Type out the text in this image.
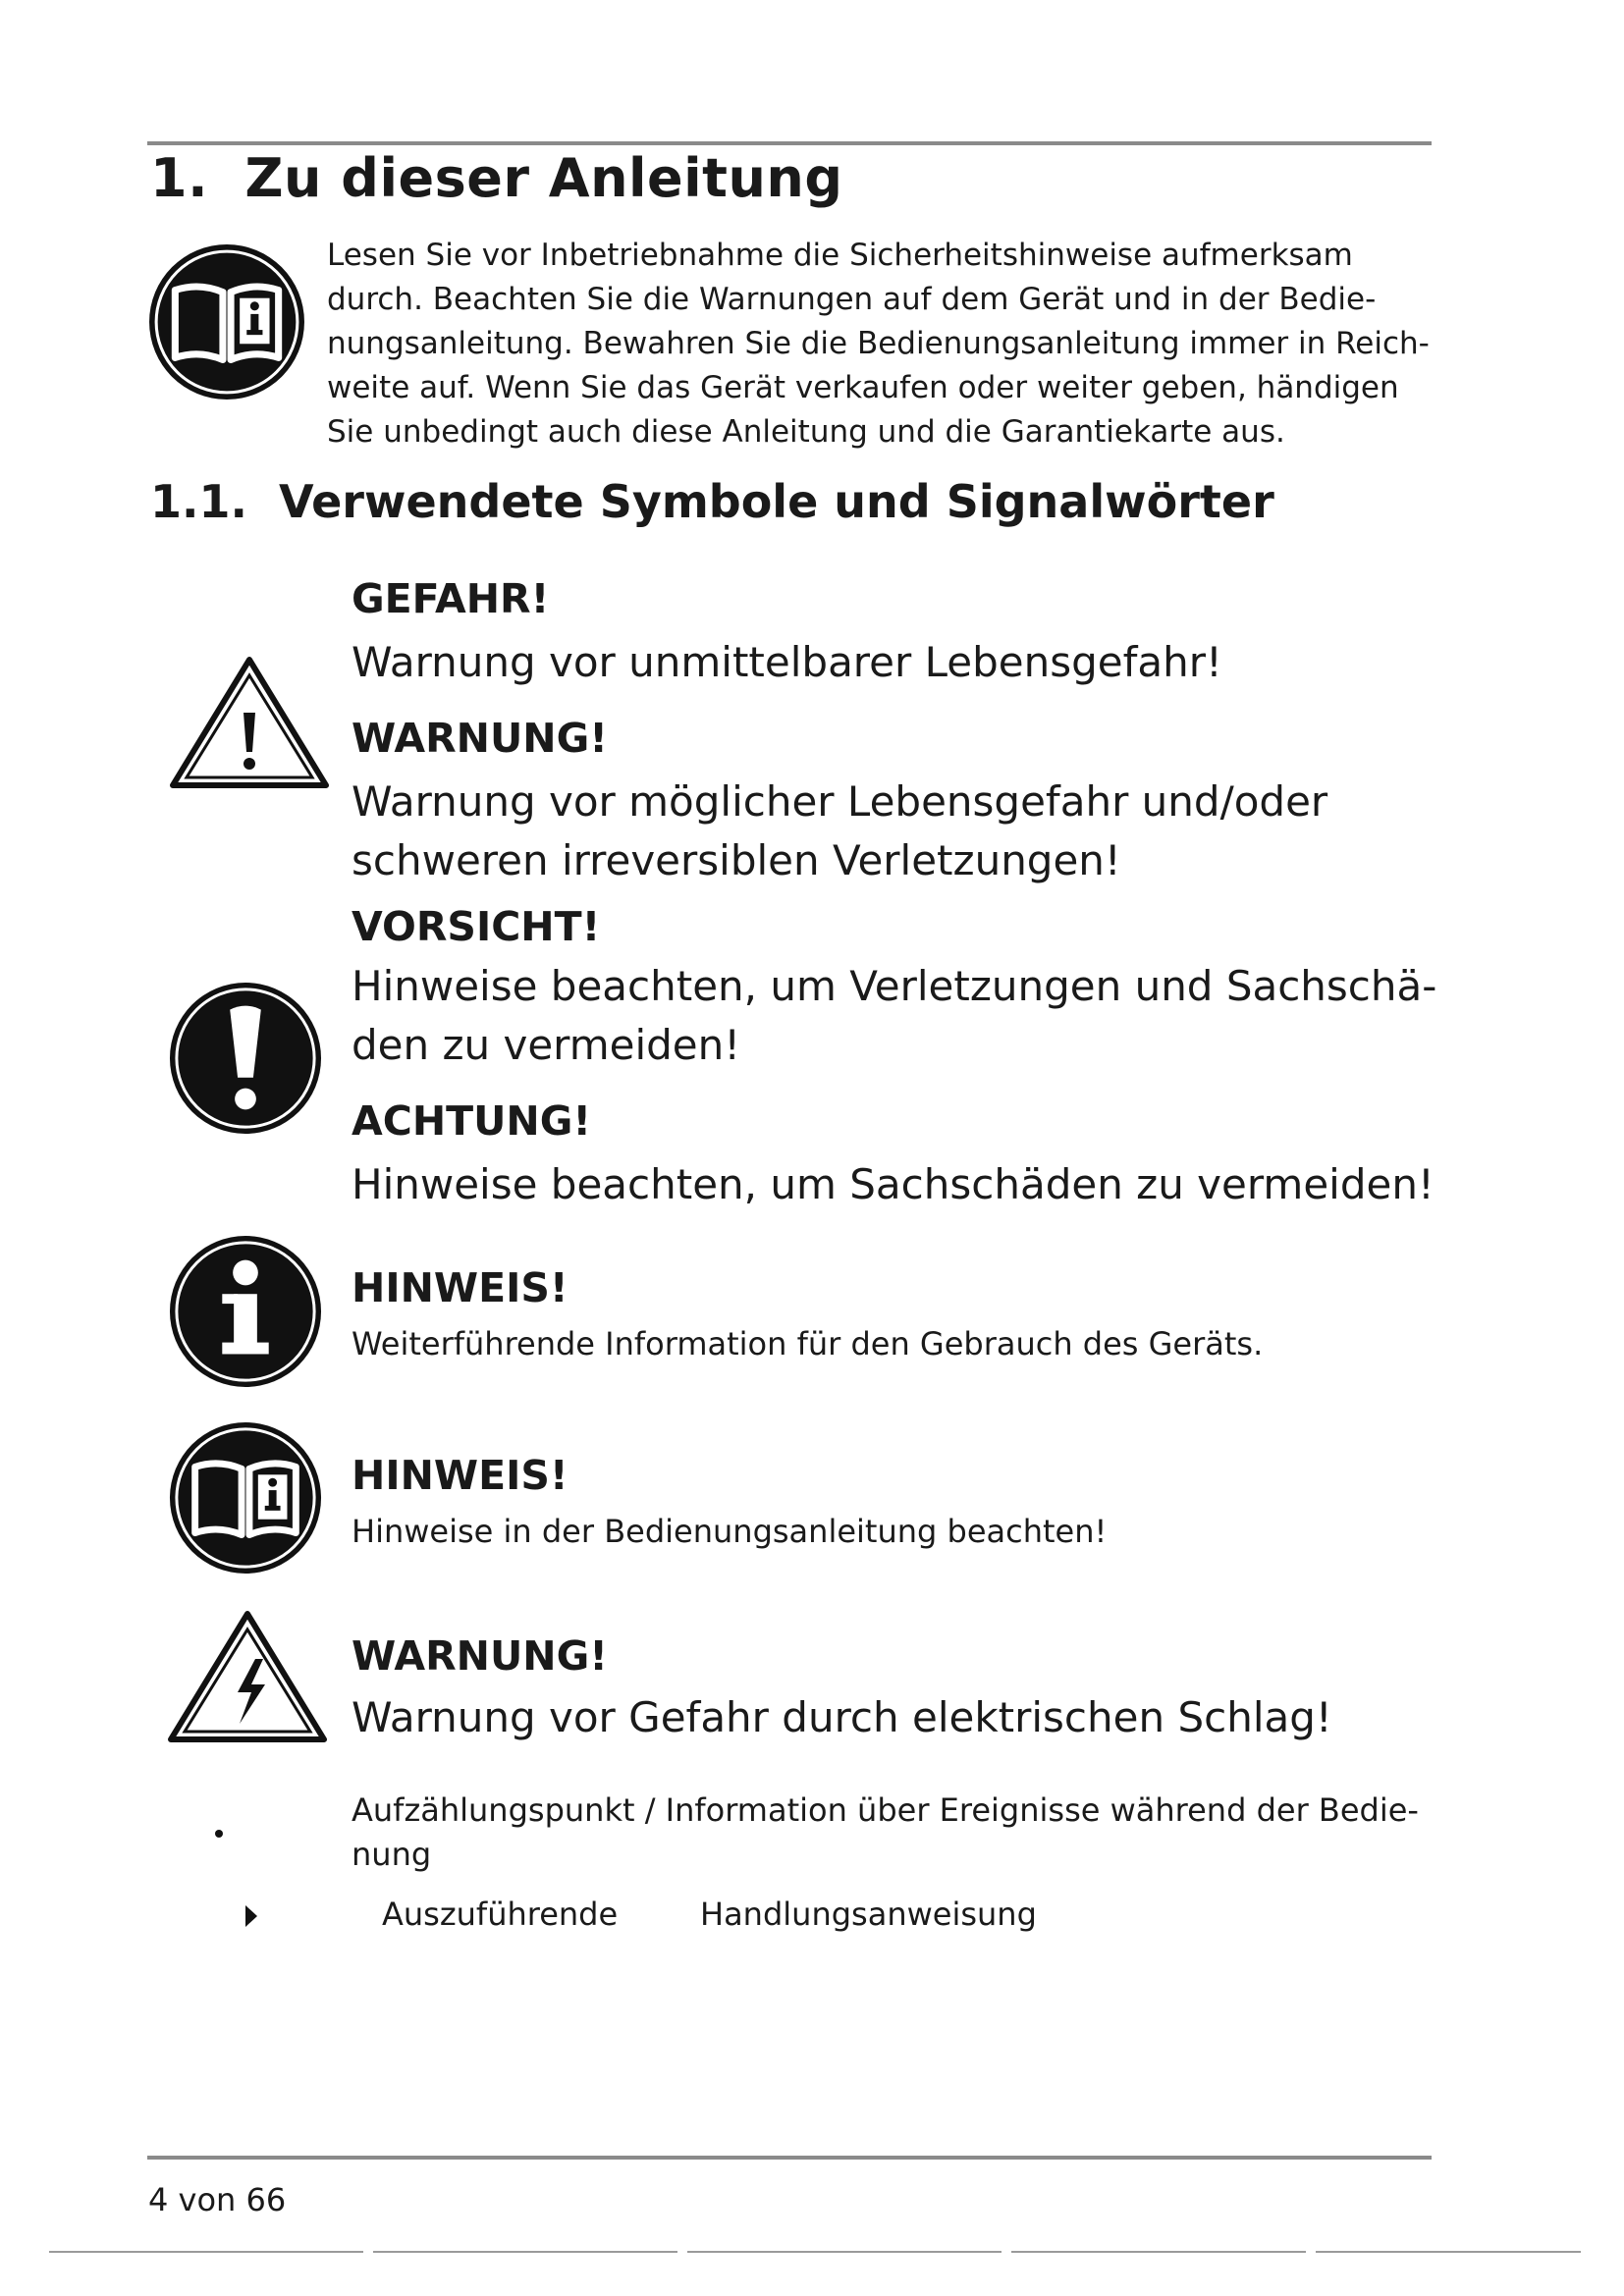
1. Zu dieser Anleitung
Lesen Sie vor Inbetriebnahme die Sicherheitshinweise aufmerksam
durch. Beachten Sie die Warnungen auf dem Gerät und in der Bedie-
nungsanleitung. Bewahren Sie die Bedienungsanleitung immer in Reich-
weite auf. Wenn Sie das Gerät verkaufen oder weiter geben, händigen
Sie unbedingt auch diese Anleitung und die Garantiekarte aus.
1.1. Verwendete Symbole und Signalwörter
GEFAHR!
Warnung vor unmittelbarer Lebensgefahr!
WARNUNG!
Warnung vor möglicher Lebensgefahr und/oder
schweren irreversiblen Verletzungen!
VORSICHT!
Hinweise beachten, um Verletzungen und Sachschä-
den zu vermeiden!
ACHTUNG!
Hinweise beachten, um Sachschäden zu vermeiden!
HINWEIS!
Weiterführende Information für den Gebrauch des Geräts.
HINWEIS!
Hinweise in der Bedienungsanleitung beachten!
WARNUNG!
Warnung vor Gefahr durch elektrischen Schlag!
Aufzählungspunkt / Information über Ereignisse während der Bedie-
nung
Auszuführende	Handlungsanweisung
4 von 66
